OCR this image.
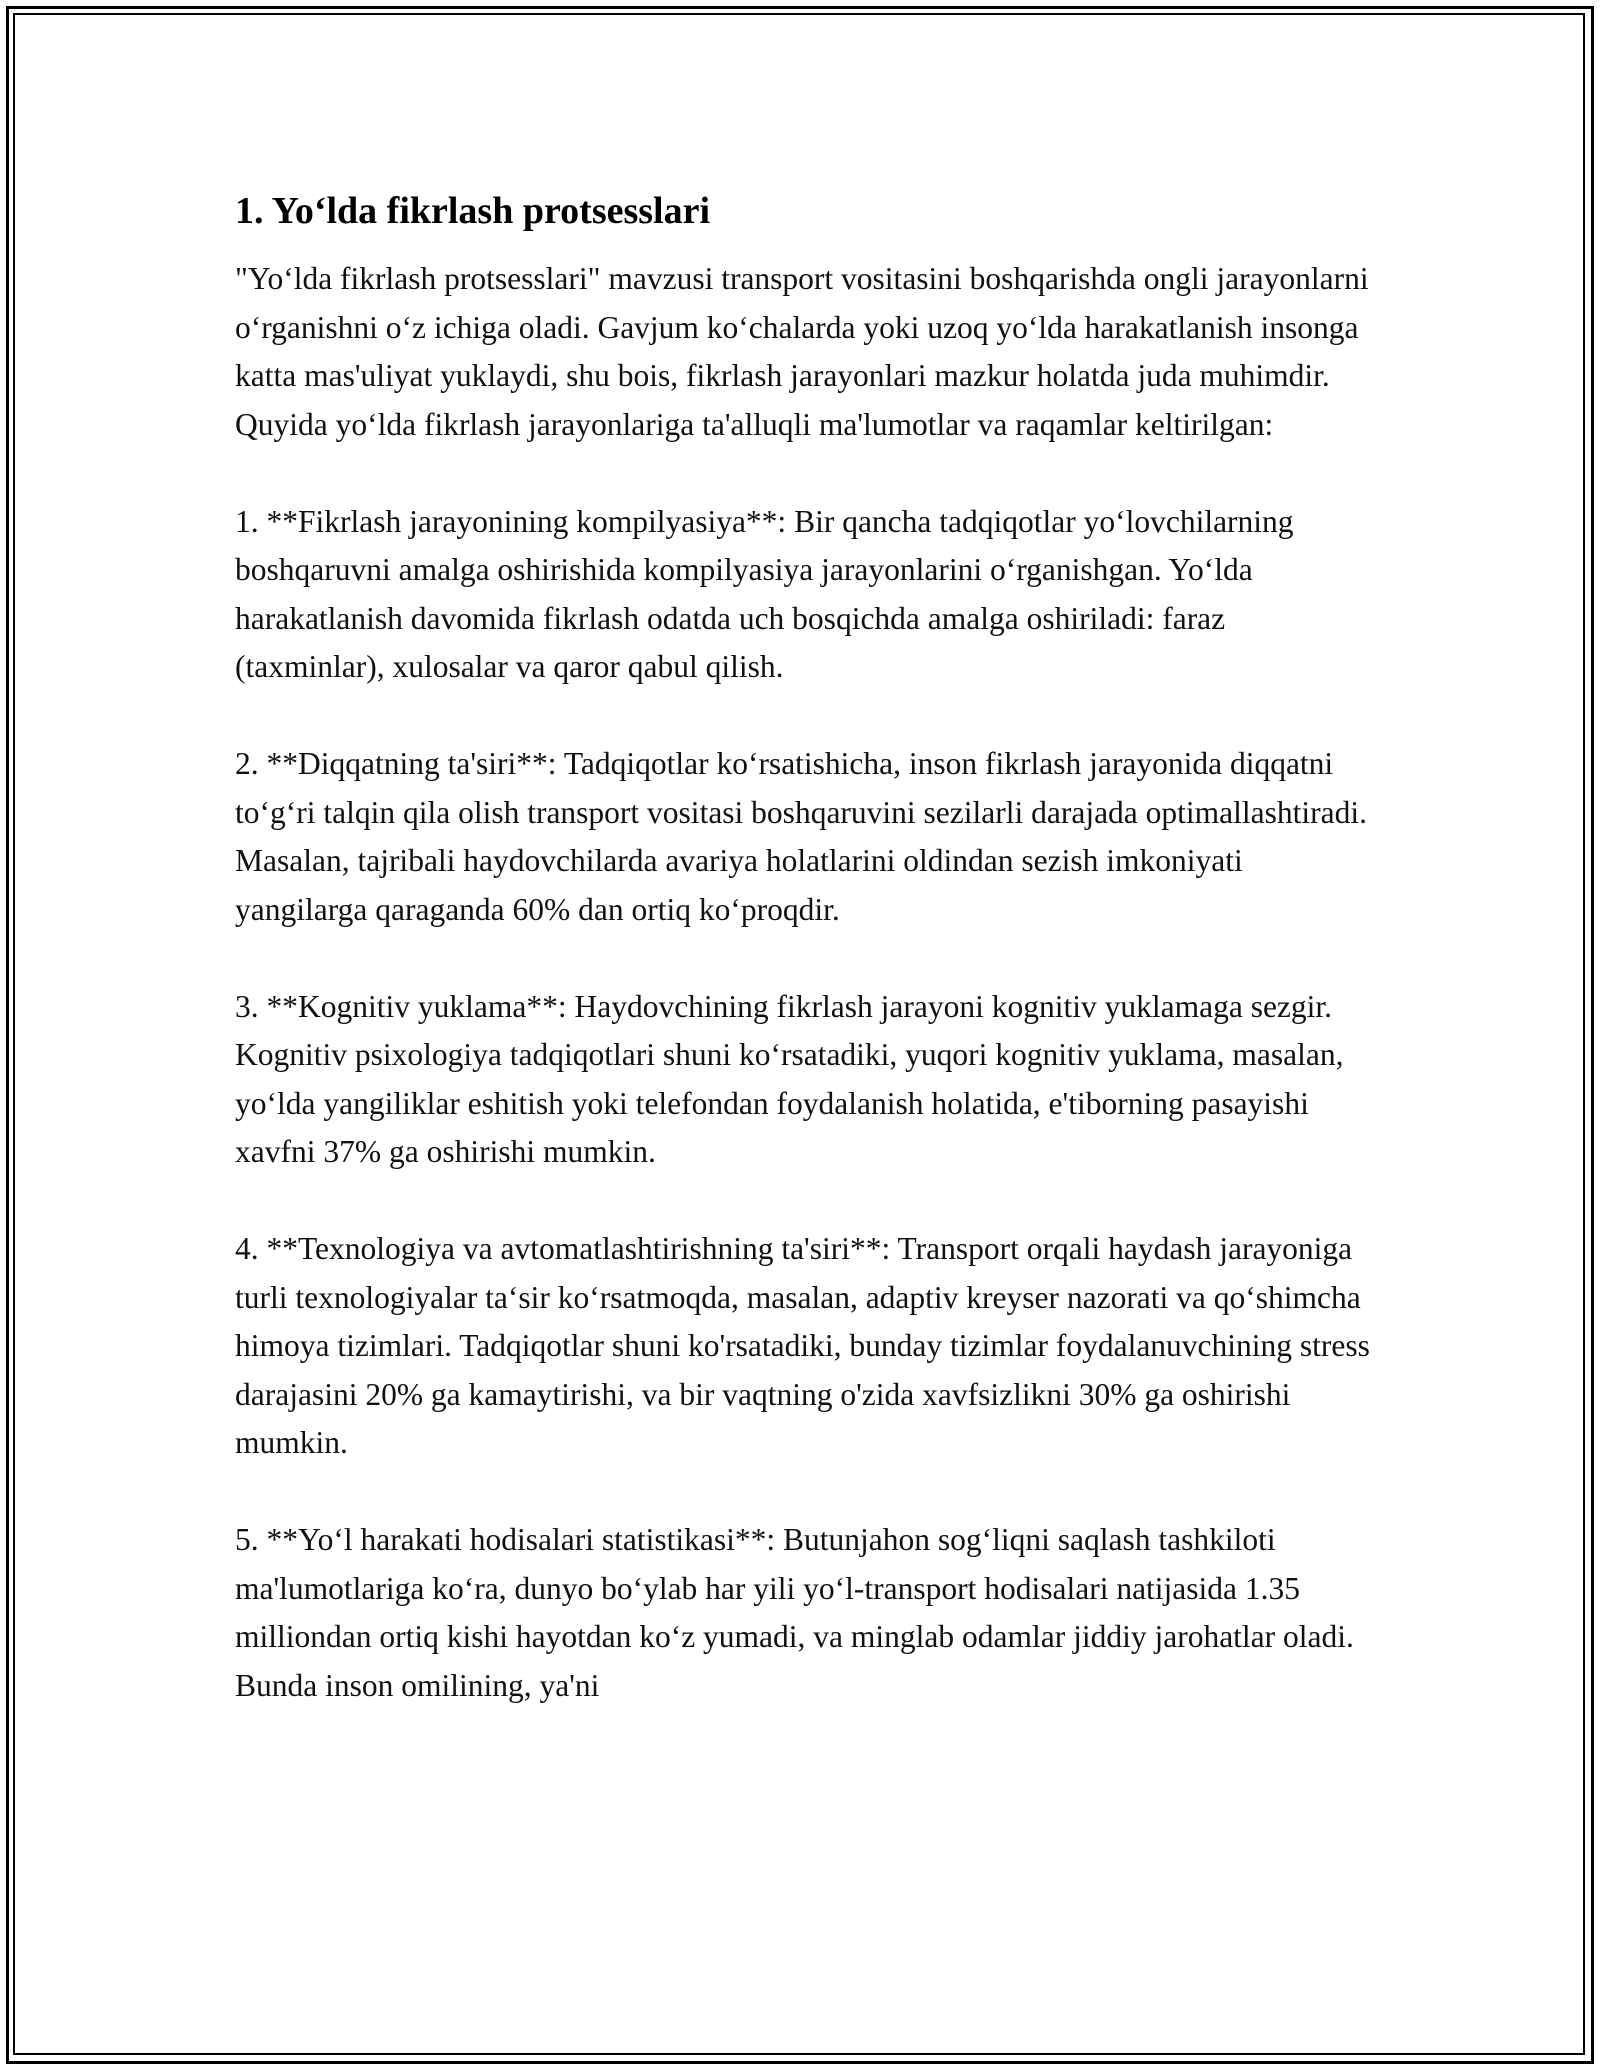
1. Yo‘lda fikrlash protsesslari

"Yo‘lda fikrlash protsesslari" mavzusi transport vositasini boshqarishda ongli jarayonlarni o‘rganishni o‘z ichiga oladi. Gavjum ko‘chalarda yoki uzoq yo‘lda harakatlanish insonga katta mas'uliyat yuklaydi, shu bois, fikrlash jarayonlari mazkur holatda juda muhimdir. Quyida yo‘lda fikrlash jarayonlariga ta'alluqli ma'lumotlar va raqamlar keltirilgan:

1. **Fikrlash jarayonining kompilyasiya**: Bir qancha tadqiqotlar yo‘lovchilarning boshqaruvni amalga oshirishida kompilyasiya jarayonlarini o‘rganishgan. Yo‘lda harakatlanish davomida fikrlash odatda uch bosqichda amalga oshiriladi: faraz (taxminlar), xulosalar va qaror qabul qilish.

2. **Diqqatning ta'siri**: Tadqiqotlar ko‘rsatishicha, inson fikrlash jarayonida diqqatni to‘g‘ri talqin qila olish transport vositasi boshqaruvini sezilarli darajada optimallashtiradi. Masalan, tajribali haydovchilarda avariya holatlarini oldindan sezish imkoniyati yangilarga qaraganda 60% dan ortiq ko‘proqdir.

3. **Kognitiv yuklama**: Haydovchining fikrlash jarayoni kognitiv yuklamaga sezgir. Kognitiv psixologiya tadqiqotlari shuni ko‘rsatadiki, yuqori kognitiv yuklama, masalan, yo‘lda yangiliklar eshitish yoki telefondan foydalanish holatida, e'tiborning pasayishi xavfni 37% ga oshirishi mumkin.

4. **Texnologiya va avtomatlashtirishning ta'siri**: Transport orqali haydash jarayoniga turli texnologiyalar ta‘sir ko‘rsatmoqda, masalan, adaptiv kreyser nazorati va qo‘shimcha himoya tizimlari. Tadqiqotlar shuni ko'rsatadiki, bunday tizimlar foydalanuvchining stress darajasini 20% ga kamaytirishi, va bir vaqtning o'zida xavfsizlikni 30% ga oshirishi mumkin.

5. **Yo‘l harakati hodisalari statistikasi**: Butunjahon sog‘liqni saqlash tashkiloti ma'lumotlariga ko‘ra, dunyo bo‘ylab har yili yo‘l-transport hodisalari natijasida 1.35 milliondan ortiq kishi hayotdan ko‘z yumadi, va minglab odamlar jiddiy jarohatlar oladi. Bunda inson omilining, ya'ni
